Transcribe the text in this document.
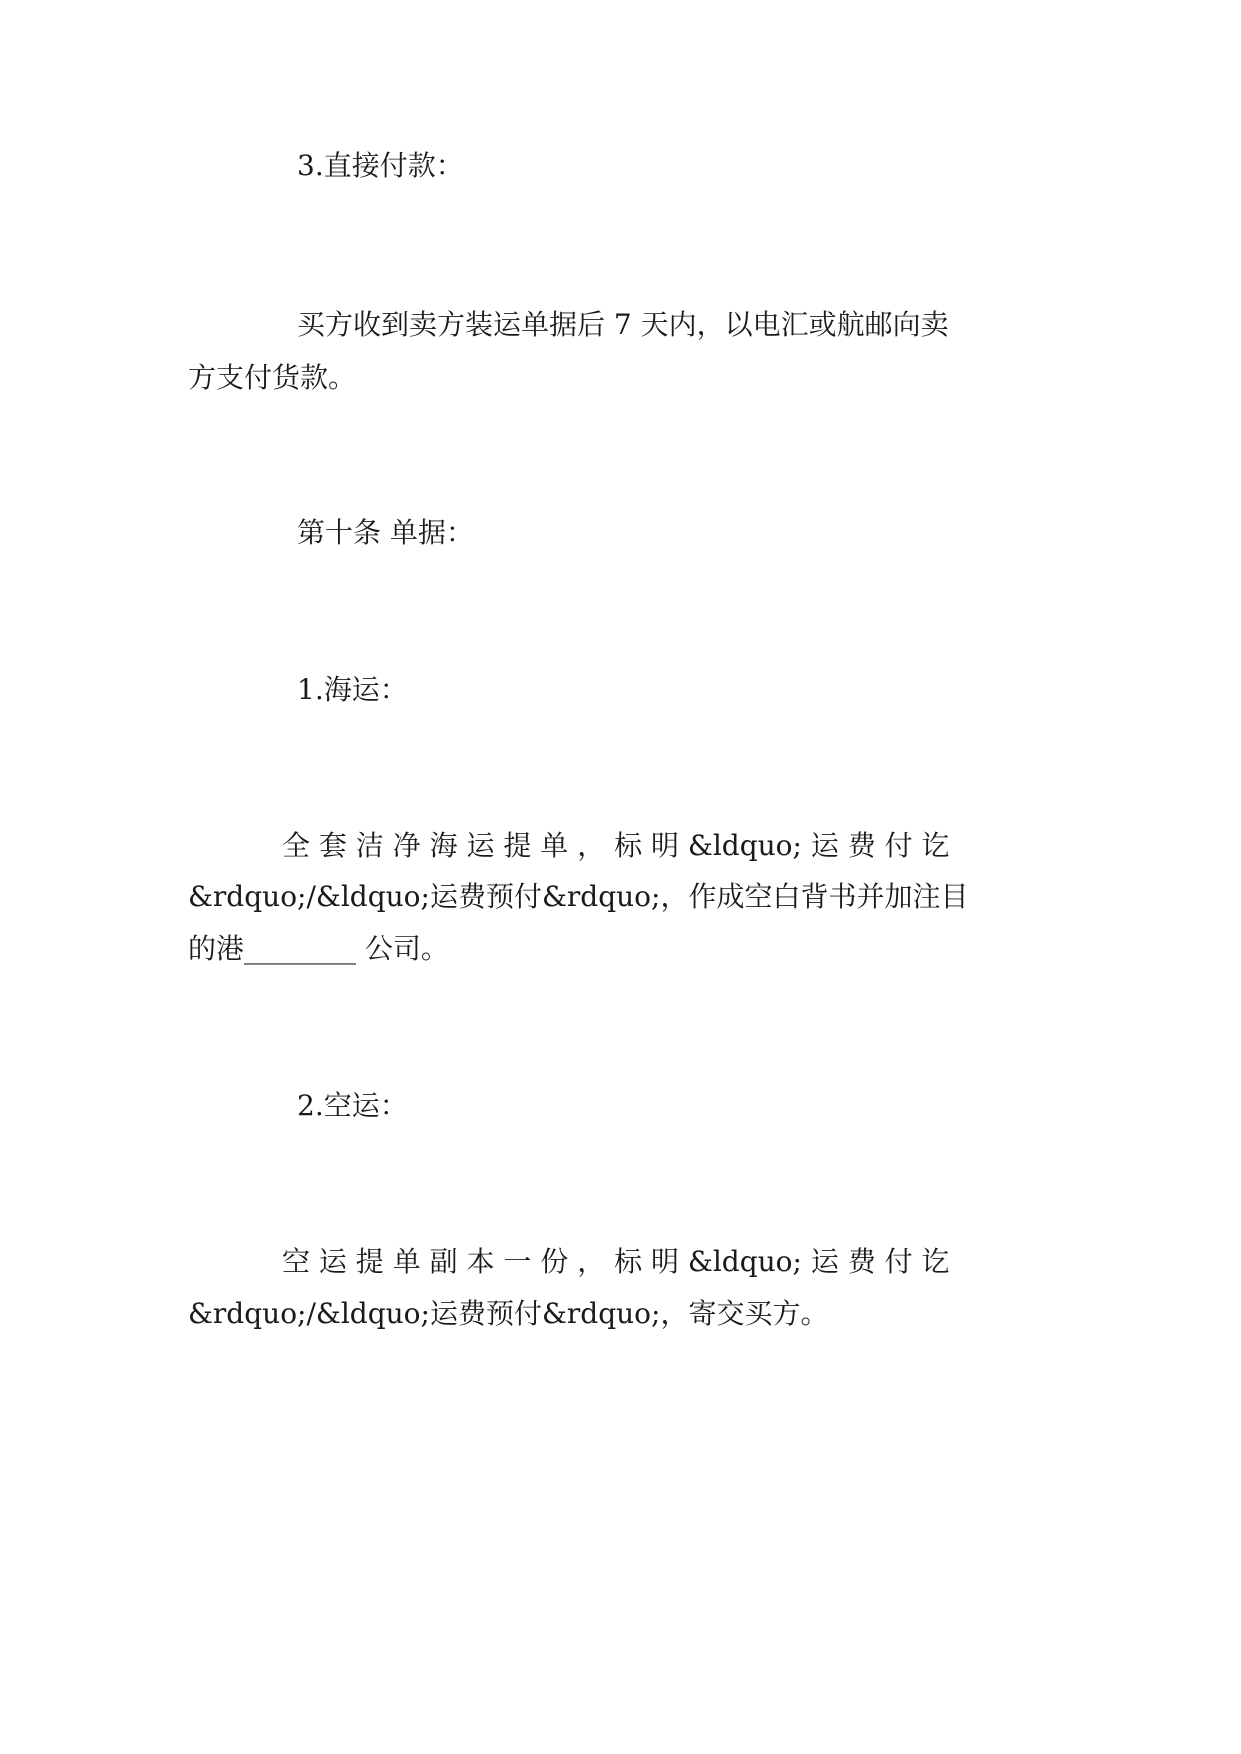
3.直接付款：
买方收到卖方装运单据后 7 天内，以电汇或航邮向卖
方支付货款。
第十条 单据：
1.海运：
全 套 洁 净 海 运 提 单 ， 标 明 &ldquo; 运 费 付 讫
&rdquo;/&ldquo;运费预付&rdquo;，作成空白背书并加注目
的港________ 公司。
2.空运：
空 运 提 单 副 本 一 份 ， 标 明 &ldquo; 运 费 付 讫
&rdquo;/&ldquo;运费预付&rdquo;，寄交买方。
